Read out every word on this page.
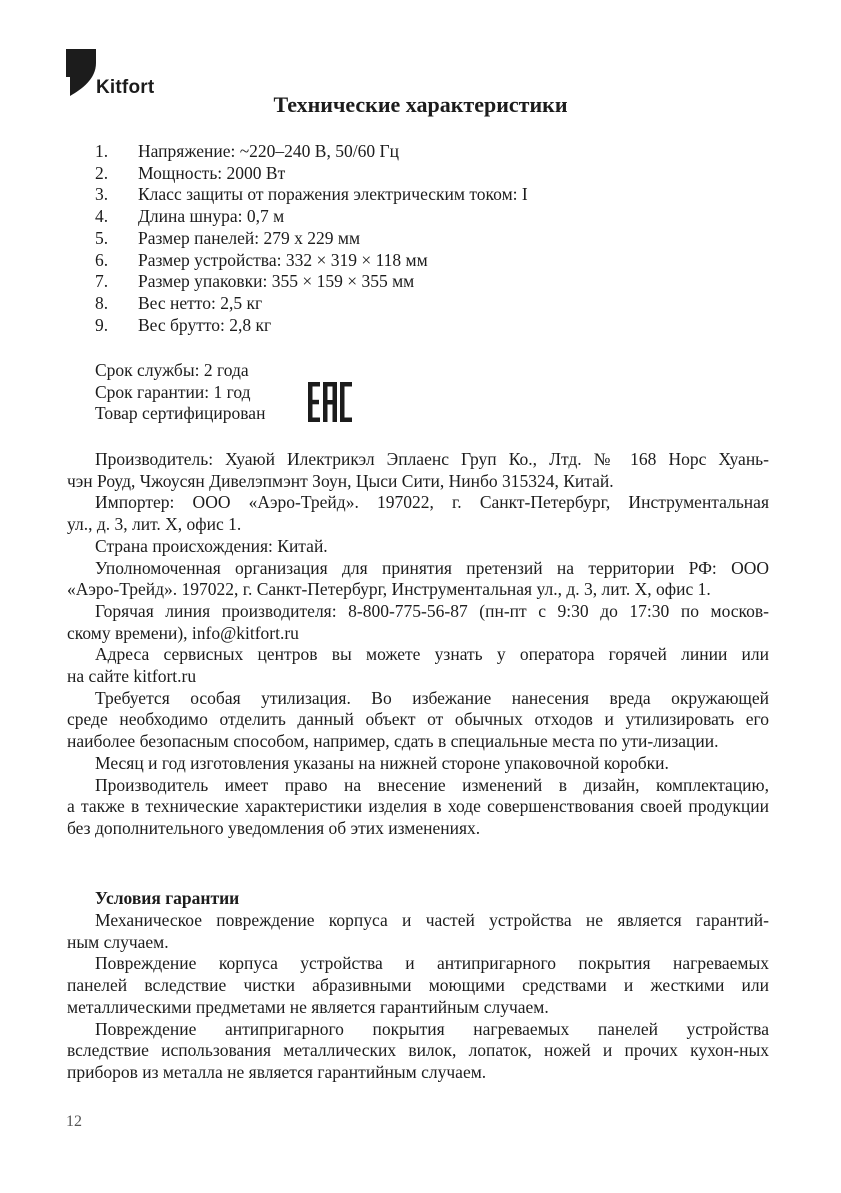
Kitfort
Технические характеристики
1.	Напряжение: ~220–240 В, 50/60 Гц
2.	Мощность: 2000 Вт
3.	Класс защиты от поражения электрическим током: I
4.	Длина шнура: 0,7 м
5.	Размер панелей: 279 х 229 мм
6.	Размер устройства: 332 × 319 × 118 мм
7.	Размер упаковки: 355 × 159 × 355 мм
8.	Вес нетто: 2,5 кг
9.	Вес брутто: 2,8 кг
Срок службы: 2 года
Срок гарантии: 1 год
Товар сертифицирован

Производитель: Хуаюй Илектрикэл Эплаенс Груп Ко., Лтд. № 168 Норс Хуань-
чэн Роуд, Чжоусян Дивелэпмэнт Зоун, Цыси Сити, Нинбо 315324, Китай.

Импортер: ООО «Аэро-Трейд». 197022, г. Санкт-Петербург, Инструментальная
ул., д. 3, лит. Х, офис 1.

Страна происхождения: Китай.

Уполномоченная организация для принятия претензий на территории РФ: ООО
«Аэро-Трейд». 197022, г. Санкт-Петербург, Инструментальная ул., д. 3, лит. Х, офис 1.

Горячая линия производителя: 8-800-775-56-87 (пн-пт с 9:30 до 17:30 по москов-
скому времени), info@kitfort.ru

Адреса сервисных центров вы можете узнать у оператора горячей линии или
на сайте kitfort.ru

Требуется особая утилизация. Во избежание нанесения вреда окружающей
среде необходимо отделить данный объект от обычных отходов и утилизировать его наиболее безопасным способом, например, сдать в специальные места по ути-лизации.

Месяц и год изготовления указаны на нижней стороне упаковочной коробки.

Производитель имеет право на внесение изменений в дизайн, комплектацию,
а также в технические характеристики изделия в ходе совершенствования своей продукции без дополнительного уведомления об этих изменениях.

Условия гарантии

Механическое повреждение корпуса и частей устройства не является гарантий-
ным случаем.

Повреждение корпуса устройства и антипригарного покрытия нагреваемых
панелей вследствие чистки абразивными моющими средствами и жесткими или металлическими предметами не является гарантийным случаем.

Повреждение антипригарного покрытия нагреваемых панелей устройства
вследствие использования металлических вилок, лопаток, ножей и прочих кухон-ных приборов из металла не является гарантийным случаем.

12
